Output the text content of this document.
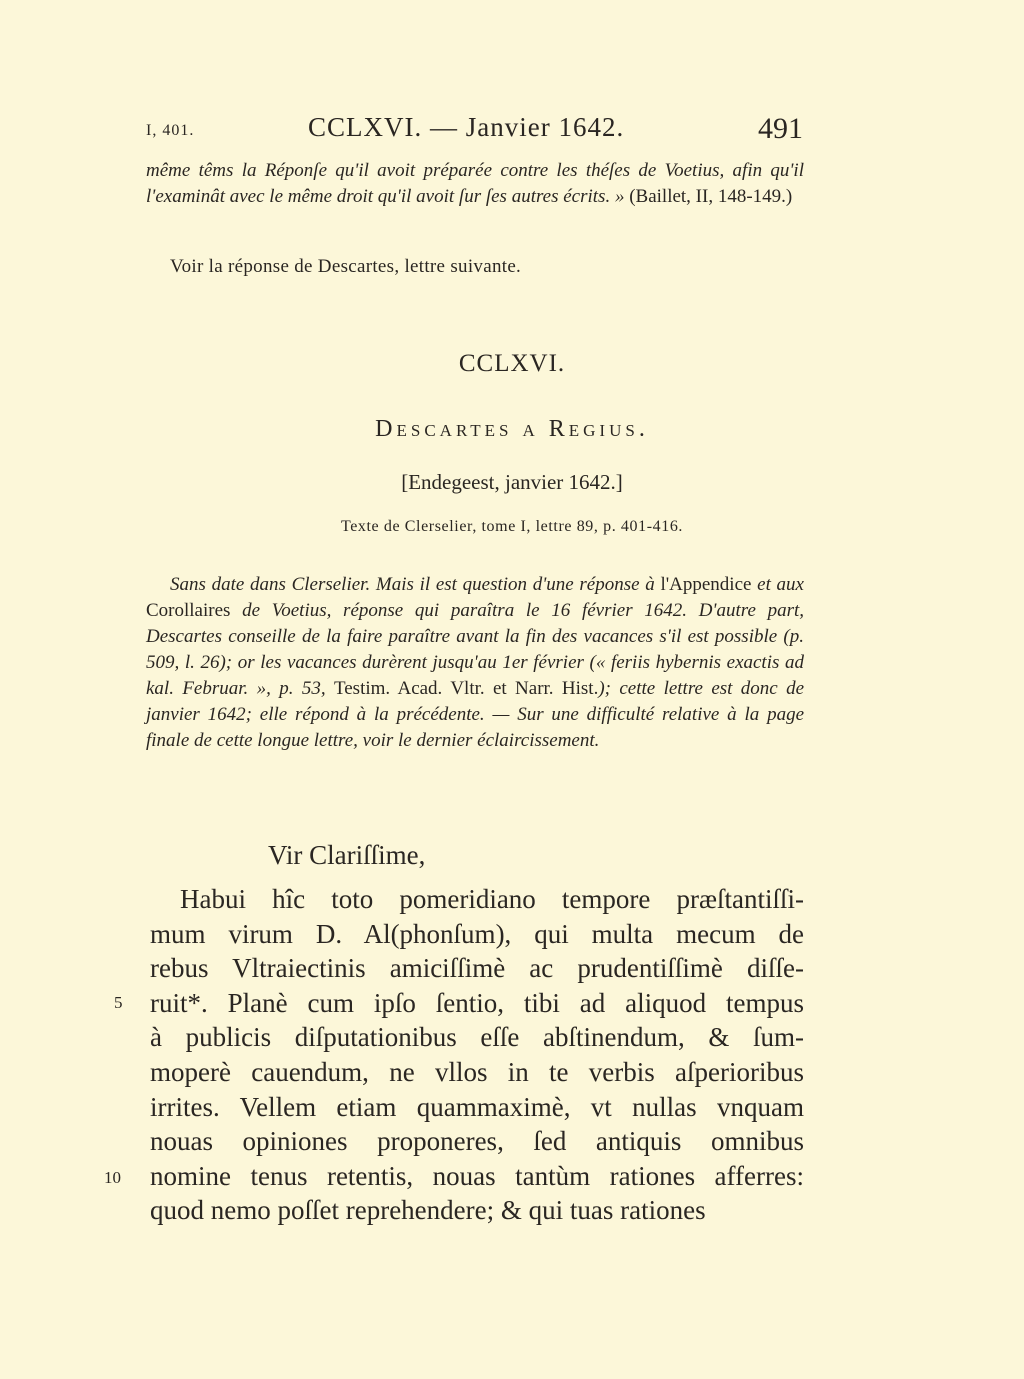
I, 401.	CCLXVI. — Janvier 1642.	491
même têms la Réponſe qu'il avoit préparée contre les théſes de Voetius, afin qu'il l'examinât avec le même droit qu'il avoit ſur ſes autres écrits. » (Baillet, II, 148-149.)
Voir la réponse de Descartes, lettre suivante.
CCLXVI.
Descartes a Regius.
[Endegeest, janvier 1642.]
Texte de Clerselier, tome I, lettre 89, p. 401-416.
Sans date dans Clerselier. Mais il est question d'une réponse à l'Appendice et aux Corollaires de Voetius, réponse qui paraîtra le 16 février 1642. D'autre part, Descartes conseille de la faire paraître avant la fin des vacances s'il est possible (p. 509, l. 26); or les vacances durèrent jusqu'au 1er février (« feriis hybernis exactis ad kal. Februar. », p. 53, Testim. Acad. Vltr. et Narr. Hist.); cette lettre est donc de janvier 1642; elle répond à la précédente. — Sur une difficulté relative à la page finale de cette longue lettre, voir le dernier éclaircissement.
Vir Clariſſime,
Habui hîc toto pomeridiano tempore præſtantiſſi-
mum virum D. Al(phonſum), qui multa mecum de
rebus Vltraiectinis amiciſſimè ac prudentiſſimè diſſe-
ruit*. Planè cum ipſo ſentio, tibi ad aliquod tempus
à publicis diſputationibus eſſe abſtinendum, & ſum-
moperè cauendum, ne vllos in te verbis aſperioribus
irrites. Vellem etiam quammaximè, vt nullas vnquam
nouas opiniones proponeres, ſed antiquis omnibus
nomine tenus retentis, nouas tantùm rationes afferres:
quod nemo poſſet reprehendere; & qui tuas rationes
5
10
